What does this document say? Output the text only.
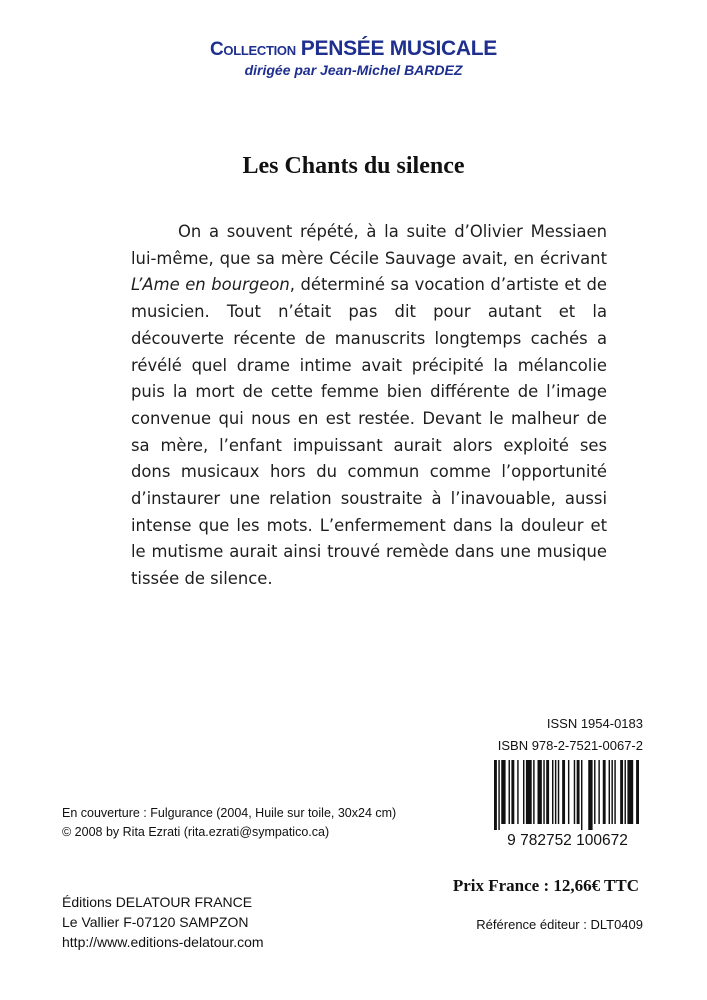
Collection PENSÉE MUSICALE
dirigée par Jean-Michel BARDEZ
Les Chants du silence

On a souvent répété, à la suite d’Olivier Messiaen lui-même, que sa mère Cécile Sauvage avait, en écrivant L’Ame en bourgeon, déterminé sa vocation d’artiste et de musicien. Tout n’était pas dit pour autant et la découverte récente de manuscrits longtemps cachés a révélé quel drame intime avait précipité la mélancolie puis la mort de cette femme bien différente de l’image convenue qui nous en est restée. Devant le malheur de sa mère, l’enfant impuissant aurait alors exploité ses dons musicaux hors du commun comme l’opportunité d’instaurer une relation soustraite à l’inavouable, aussi intense que les mots. L’enfermement dans la douleur et le mutisme aurait ainsi trouvé remède dans une musique tissée de silence.

ISSN 1954-0183
ISBN 978-2-7521-0067-2
9 782752 100672
En couverture : Fulgurance (2004, Huile sur toile, 30x24 cm)
© 2008 by Rita Ezrati (rita.ezrati@sympatico.ca)
Prix France : 12,66€ TTC
Éditions DELATOUR FRANCE
Le Vallier F-07120 SAMPZON
http://www.editions-delatour.com
Référence éditeur : DLT0409
